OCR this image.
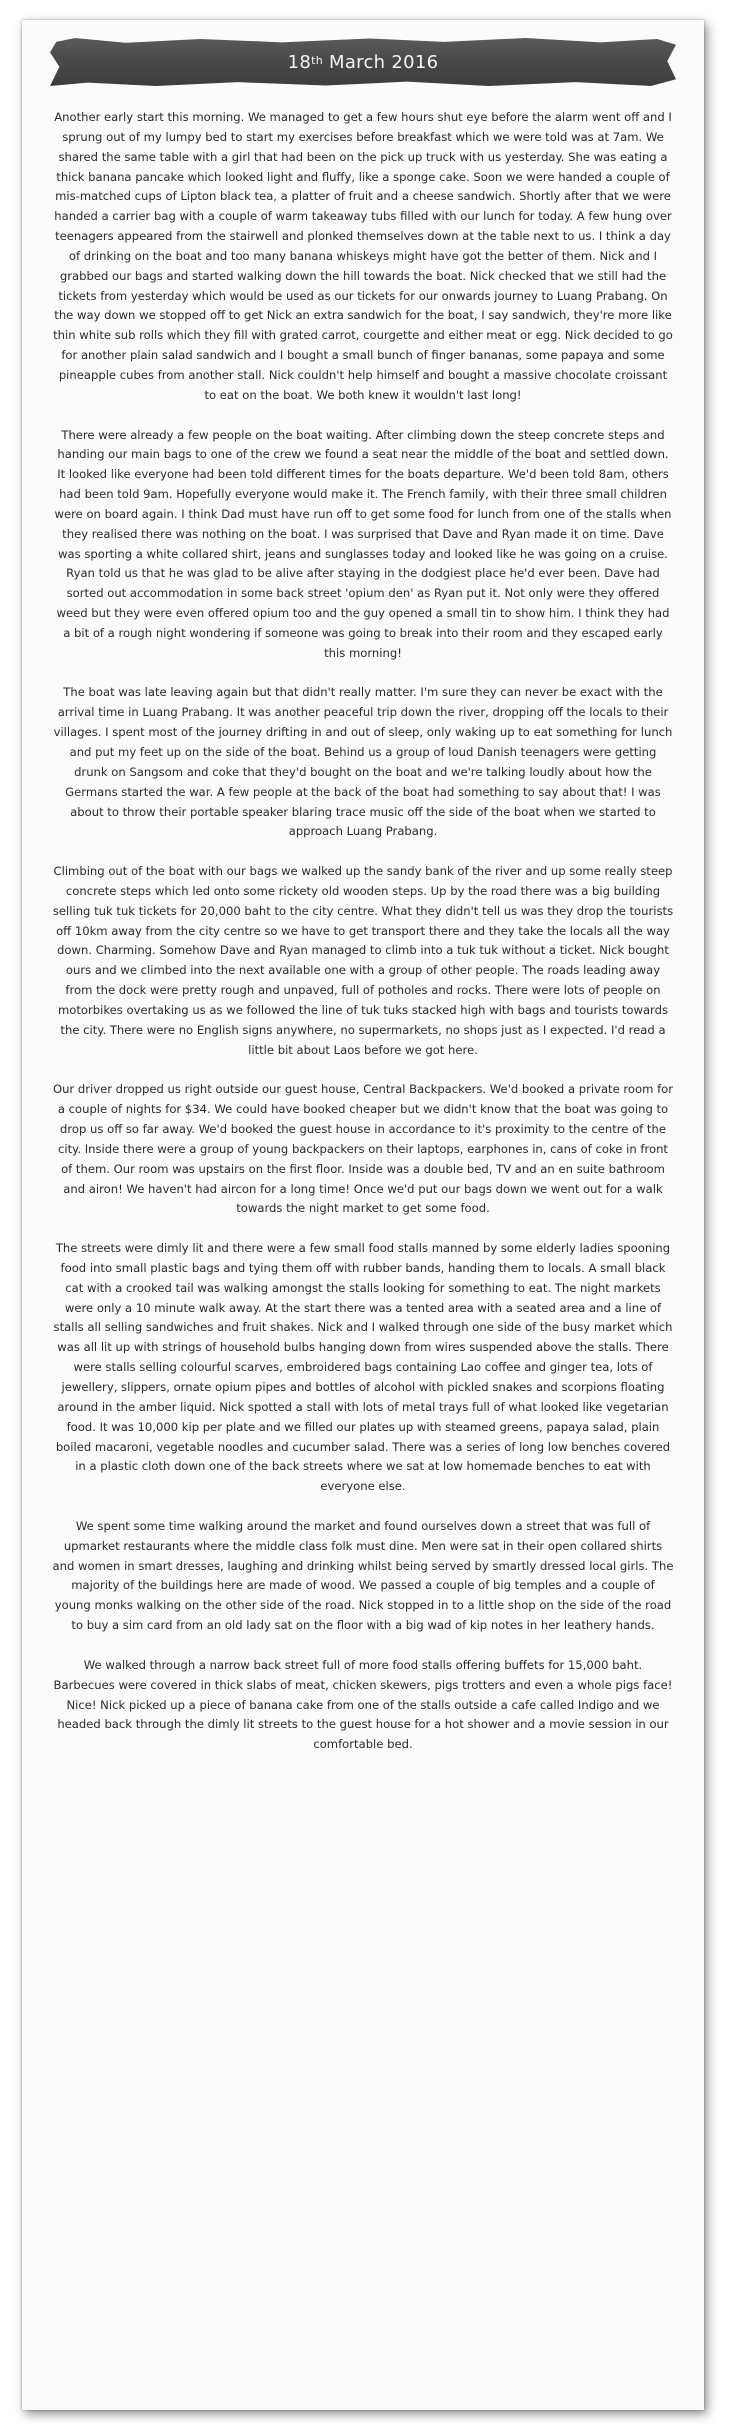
18th
March 2016

Another early start this morning. We managed to get a few hours shut eye before the alarm went off and I sprung out of my lumpy bed to start my exercises before breakfast which we were told was at 7am. We shared the same table with a girl that had been on the pick up truck with us yesterday. She was eating a thick banana pancake which looked light and fluffy, like a sponge cake. Soon we were handed a couple of mis-matched cups of Lipton black tea, a platter of fruit and a cheese sandwich. Shortly after that we were handed a carrier bag with a couple of warm takeaway tubs filled with our lunch for today. A few hung over teenagers appeared from the stairwell and plonked themselves down at the table next to us. I think a day of drinking on the boat and too many banana whiskeys might have got the better of them. Nick and I grabbed our bags and started walking down the hill towards the boat. Nick checked that we still had the tickets from yesterday which would be used as our tickets for our onwards journey to Luang Prabang. On the way down we stopped off to get Nick an extra sandwich for the boat, I say sandwich, they're more like thin white sub rolls which they fill with grated carrot, courgette and either meat or egg. Nick decided to go for another plain salad sandwich and I bought a small bunch of finger bananas, some papaya and some pineapple cubes from another stall. Nick couldn't help himself and bought a massive chocolate croissant to eat on the boat. We both knew it wouldn't last long!

There were already a few people on the boat waiting. After climbing down the steep concrete steps and handing our main bags to one of the crew we found a seat near the middle of the boat and settled down. It looked like everyone had been told different times for the boats departure. We'd been told 8am, others had been told 9am. Hopefully everyone would make it. The French family, with their three small children were on board again. I think Dad must have run off to get some food for lunch from one of the stalls when they realised there was nothing on the boat. I was surprised that Dave and Ryan made it on time. Dave was sporting a white collared shirt, jeans and sunglasses today and looked like he was going on a cruise. Ryan told us that he was glad to be alive after staying in the dodgiest place he'd ever been. Dave had sorted out accommodation in some back street 'opium den' as Ryan put it. Not only were they offered weed but they were even offered opium too and the guy opened a small tin to show him. I think they had a bit of a rough night wondering if someone was going to break into their room and they escaped early this morning!

The boat was late leaving again but that didn't really matter. I'm sure they can never be exact with the arrival time in Luang Prabang. It was another peaceful trip down the river, dropping off the locals to their villages. I spent most of the journey drifting in and out of sleep, only waking up to eat something for lunch and put my feet up on the side of the boat. Behind us a group of loud Danish teenagers were getting drunk on Sangsom and coke that they'd bought on the boat and we're talking loudly about how the Germans started the war. A few people at the back of the boat had something to say about that! I was about to throw their portable speaker blaring trace music off the side of the boat when we started to approach Luang Prabang.

Climbing out of the boat with our bags we walked up the sandy bank of the river and up some really steep concrete steps which led onto some rickety old wooden steps. Up by the road there was a big building selling tuk tuk tickets for 20,000 baht to the city centre. What they didn't tell us was they drop the tourists off 10km away from the city centre so we have to get transport there and they take the locals all the way down. Charming. Somehow Dave and Ryan managed to climb into a tuk tuk without a ticket. Nick bought ours and we climbed into the next available one with a group of other people. The roads leading away from the dock were pretty rough and unpaved, full of potholes and rocks. There were lots of people on motorbikes overtaking us as we followed the line of tuk tuks stacked high with bags and tourists towards the city. There were no English signs anywhere, no supermarkets, no shops just as I expected. I'd read a little bit about Laos before we got here.

Our driver dropped us right outside our guest house, Central Backpackers. We'd booked a private room for a couple of nights for $34. We could have booked cheaper but we didn't know that the boat was going to drop us off so far away. We'd booked the guest house in accordance to it's proximity to the centre of the city. Inside there were a group of young backpackers on their laptops, earphones in, cans of coke in front of them. Our room was upstairs on the first floor. Inside was a double bed, TV and an en suite bathroom and airon! We haven't had aircon for a long time! Once we'd put our bags down we went out for a walk towards the night market to get some food.

The streets were dimly lit and there were a few small food stalls manned by some elderly ladies spooning food into small plastic bags and tying them off with rubber bands, handing them to locals. A small black cat with a crooked tail was walking amongst the stalls looking for something to eat. The night markets were only a 10 minute walk away. At the start there was a tented area with a seated area and a line of stalls all selling sandwiches and fruit shakes. Nick and I walked through one side of the busy market which was all lit up with strings of household bulbs hanging down from wires suspended above the stalls. There were stalls selling colourful scarves, embroidered bags containing Lao coffee and ginger tea, lots of jewellery, slippers, ornate opium pipes and bottles of alcohol with pickled snakes and scorpions floating around in the amber liquid. Nick spotted a stall with lots of metal trays full of what looked like vegetarian food. It was 10,000 kip per plate and we filled our plates up with steamed greens, papaya salad, plain boiled macaroni, vegetable noodles and cucumber salad. There was a series of long low benches covered in a plastic cloth down one of the back streets where we sat at low homemade benches to eat with everyone else.

We spent some time walking around the market and found ourselves down a street that was full of upmarket restaurants where the middle class folk must dine. Men were sat in their open collared shirts and women in smart dresses, laughing and drinking whilst being served by smartly dressed local girls. The majority of the buildings here are made of wood. We passed a couple of big temples and a couple of young monks walking on the other side of the road. Nick stopped in to a little shop on the side of the road to buy a sim card from an old lady sat on the floor with a big wad of kip notes in her leathery hands.

We walked through a narrow back street full of more food stalls offering buffets for 15,000 baht. Barbecues were covered in thick slabs of meat, chicken skewers, pigs trotters and even a whole pigs face! Nice! Nick picked up a piece of banana cake from one of the stalls outside a cafe called Indigo and we headed back through the dimly lit streets to the guest house for a hot shower and a movie session in our comfortable bed.
